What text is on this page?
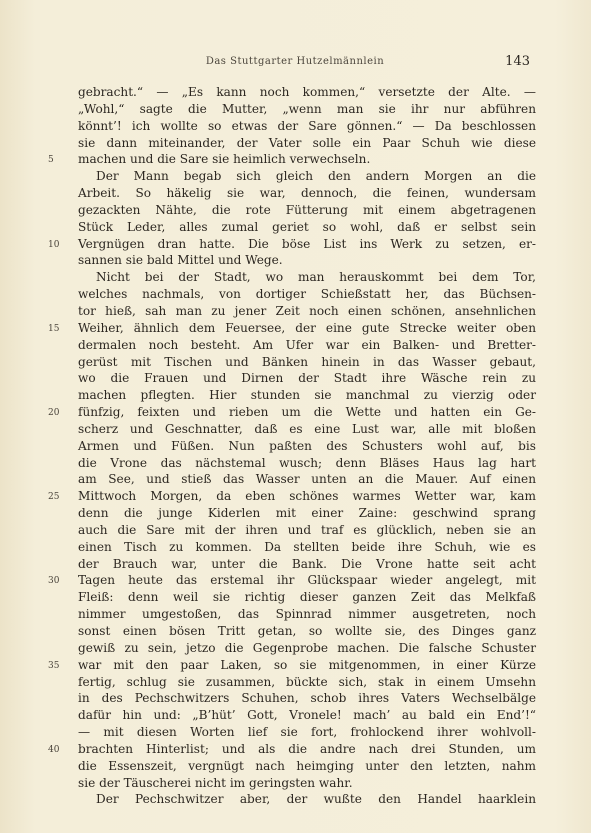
Das Stuttgarter Hutzelmännlein	143
gebracht.“ — „Es kann noch kommen,“ versetzte der Alte. —
„Wohl,“ sagte die Mutter, „wenn man sie ihr nur abführen
könnt’! ich wollte so etwas der Sare gönnen.“ — Da beschlossen
sie dann miteinander, der Vater solle ein Paar Schuh wie diese
5	machen und die Sare sie heimlich verwechseln.
Der Mann begab sich gleich den andern Morgen an die
Arbeit. So häkelig sie war, dennoch, die feinen, wundersam
gezackten Nähte, die rote Fütterung mit einem abgetragenen
Stück Leder, alles zumal geriet so wohl, daß er selbst sein
10 Vergnügen dran hatte. Die böse List ins Werk zu setzen, er-
sannen sie bald Mittel und Wege.
Nicht bei der Stadt, wo man herauskommt bei dem Tor,
welches nachmals, von dortiger Schießstatt her, das Büchsen-
tor hieß, sah man zu jener Zeit noch einen schönen, ansehnlichen
15 Weiher, ähnlich dem Feuersee, der eine gute Strecke weiter oben
dermalen noch besteht. Am Ufer war ein Balken- und Bretter-
gerüst mit Tischen und Bänken hinein in das Wasser gebaut,
wo die Frauen und Dirnen der Stadt ihre Wäsche rein zu
machen pflegten. Hier stunden sie manchmal zu vierzig oder
20 fünfzig, feixten und rieben um die Wette und hatten ein Ge-
scherz und Geschnatter, daß es eine Lust war, alle mit bloßen
Armen und Füßen. Nun paßten des Schusters wohl auf, bis
die Vrone das nächstemal wusch; denn Bläses Haus lag hart
am See, und stieß das Wasser unten an die Mauer. Auf einen
25 Mittwoch Morgen, da eben schönes warmes Wetter war, kam
denn die junge Kiderlen mit einer Zaine: geschwind sprang
auch die Sare mit der ihren und traf es glücklich, neben sie an
einen Tisch zu kommen. Da stellten beide ihre Schuh, wie es
der Brauch war, unter die Bank. Die Vrone hatte seit acht
30 Tagen heute das erstemal ihr Glückspaar wieder angelegt, mit
Fleiß: denn weil sie richtig dieser ganzen Zeit das Melkfaß
nimmer umgestoßen, das Spinnrad nimmer ausgetreten, noch
sonst einen bösen Tritt getan, so wollte sie, des Dinges ganz
gewiß zu sein, jetzo die Gegenprobe machen. Die falsche Schuster
35 war mit den paar Laken, so sie mitgenommen, in einer Kürze
fertig, schlug sie zusammen, bückte sich, stak in einem Umsehn
in des Pechschwitzers Schuhen, schob ihres Vaters Wechselbälge
dafür hin und: „B’hüt’ Gott, Vronele! mach’ au bald ein End’!“
— mit diesen Worten lief sie fort, frohlockend ihrer wohlvoll-
40 brachten Hinterlist; und als die andre nach drei Stunden, um
die Essenszeit, vergnügt nach heimging unter den letzten, nahm
sie der Täuscherei nicht im geringsten wahr.
Der Pechschwitzer aber, der wußte den Handel haarklein
